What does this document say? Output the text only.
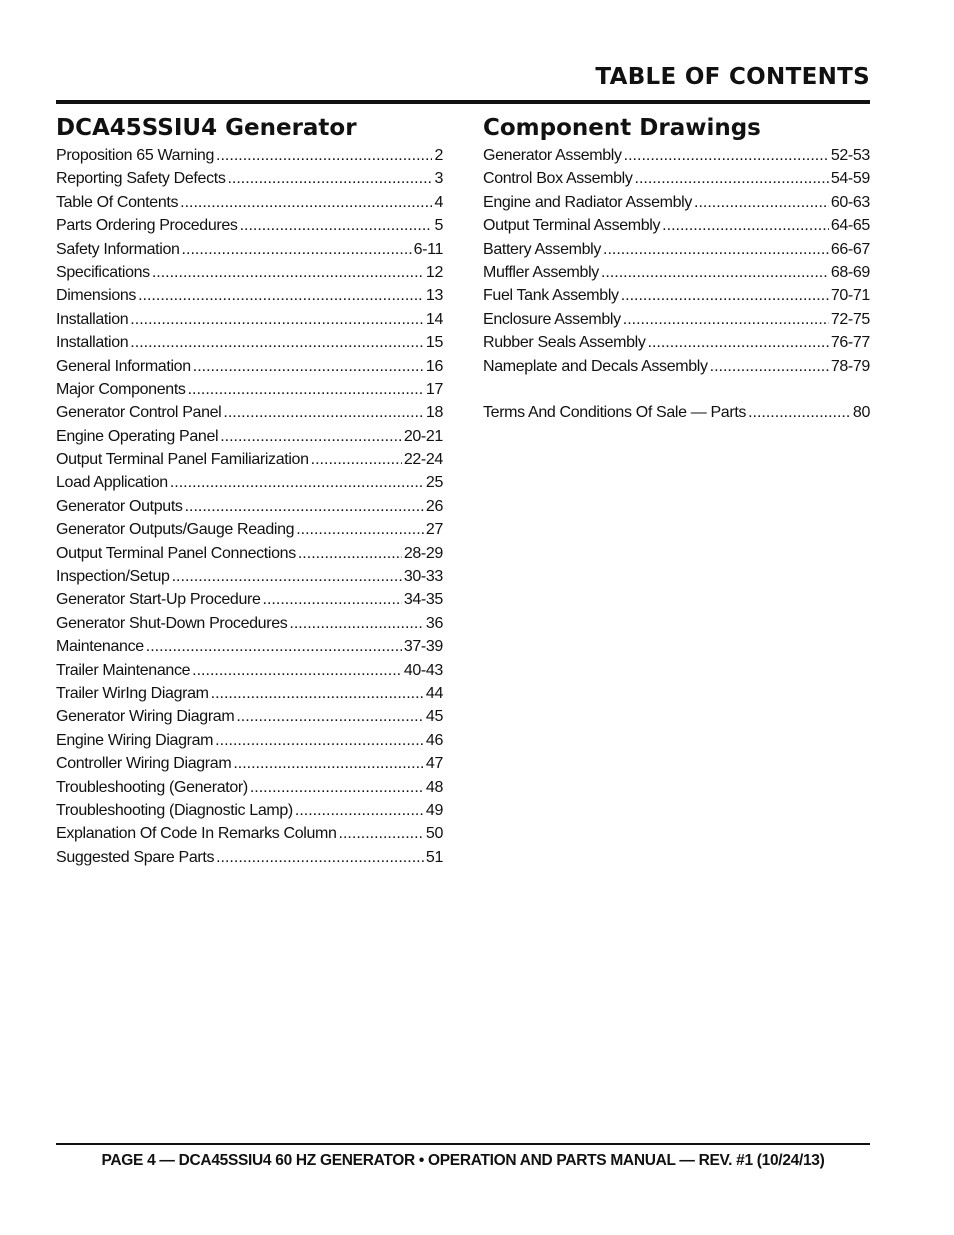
TABLE OF CONTENTS
DCA45SSIU4 Generator
Proposition 65 Warning .....	2
Reporting Safety Defects .....	3
Table Of Contents .....	4
Parts Ordering Procedures .....	5
Safety Information .....	6-11
Specifications .....	12
Dimensions .....	13
Installation .....	14
Installation .....	15
General Information .....	16
Major Components .....	17
Generator Control Panel .....	18
Engine Operating Panel .....	20-21
Output Terminal Panel Familiarization .....	22-24
Load Application .....	25
Generator Outputs .....	26
Generator Outputs/Gauge Reading .....	27
Output Terminal Panel Connections .....	28-29
Inspection/Setup .....	30-33
Generator Start-Up Procedure .....	34-35
Generator Shut-Down Procedures .....	36
Maintenance .....	37-39
Trailer Maintenance .....	40-43
Trailer WirIng Diagram .....	44
Generator Wiring Diagram .....	45
Engine Wiring Diagram .....	46
Controller Wiring Diagram .....	47
Troubleshooting (Generator) .....	48
Troubleshooting (Diagnostic Lamp) .....	49
Explanation Of Code In Remarks Column .....	50
Suggested Spare Parts .....	51
Component Drawings
Generator Assembly .....	52-53
Control Box Assembly .....	54-59
Engine and Radiator Assembly .....	60-63
Output Terminal Assembly .....	64-65
Battery Assembly .....	66-67
Muffler Assembly .....	68-69
Fuel Tank Assembly .....	70-71
Enclosure Assembly .....	72-75
Rubber Seals Assembly .....	76-77
Nameplate and Decals Assembly .....	78-79
Terms And Conditions Of Sale — Parts .....	80
PAGE 4 — DCA45SSIU4 60 HZ GENERATOR • OPERATION AND PARTS MANUAL — REV. #1 (10/24/13)
